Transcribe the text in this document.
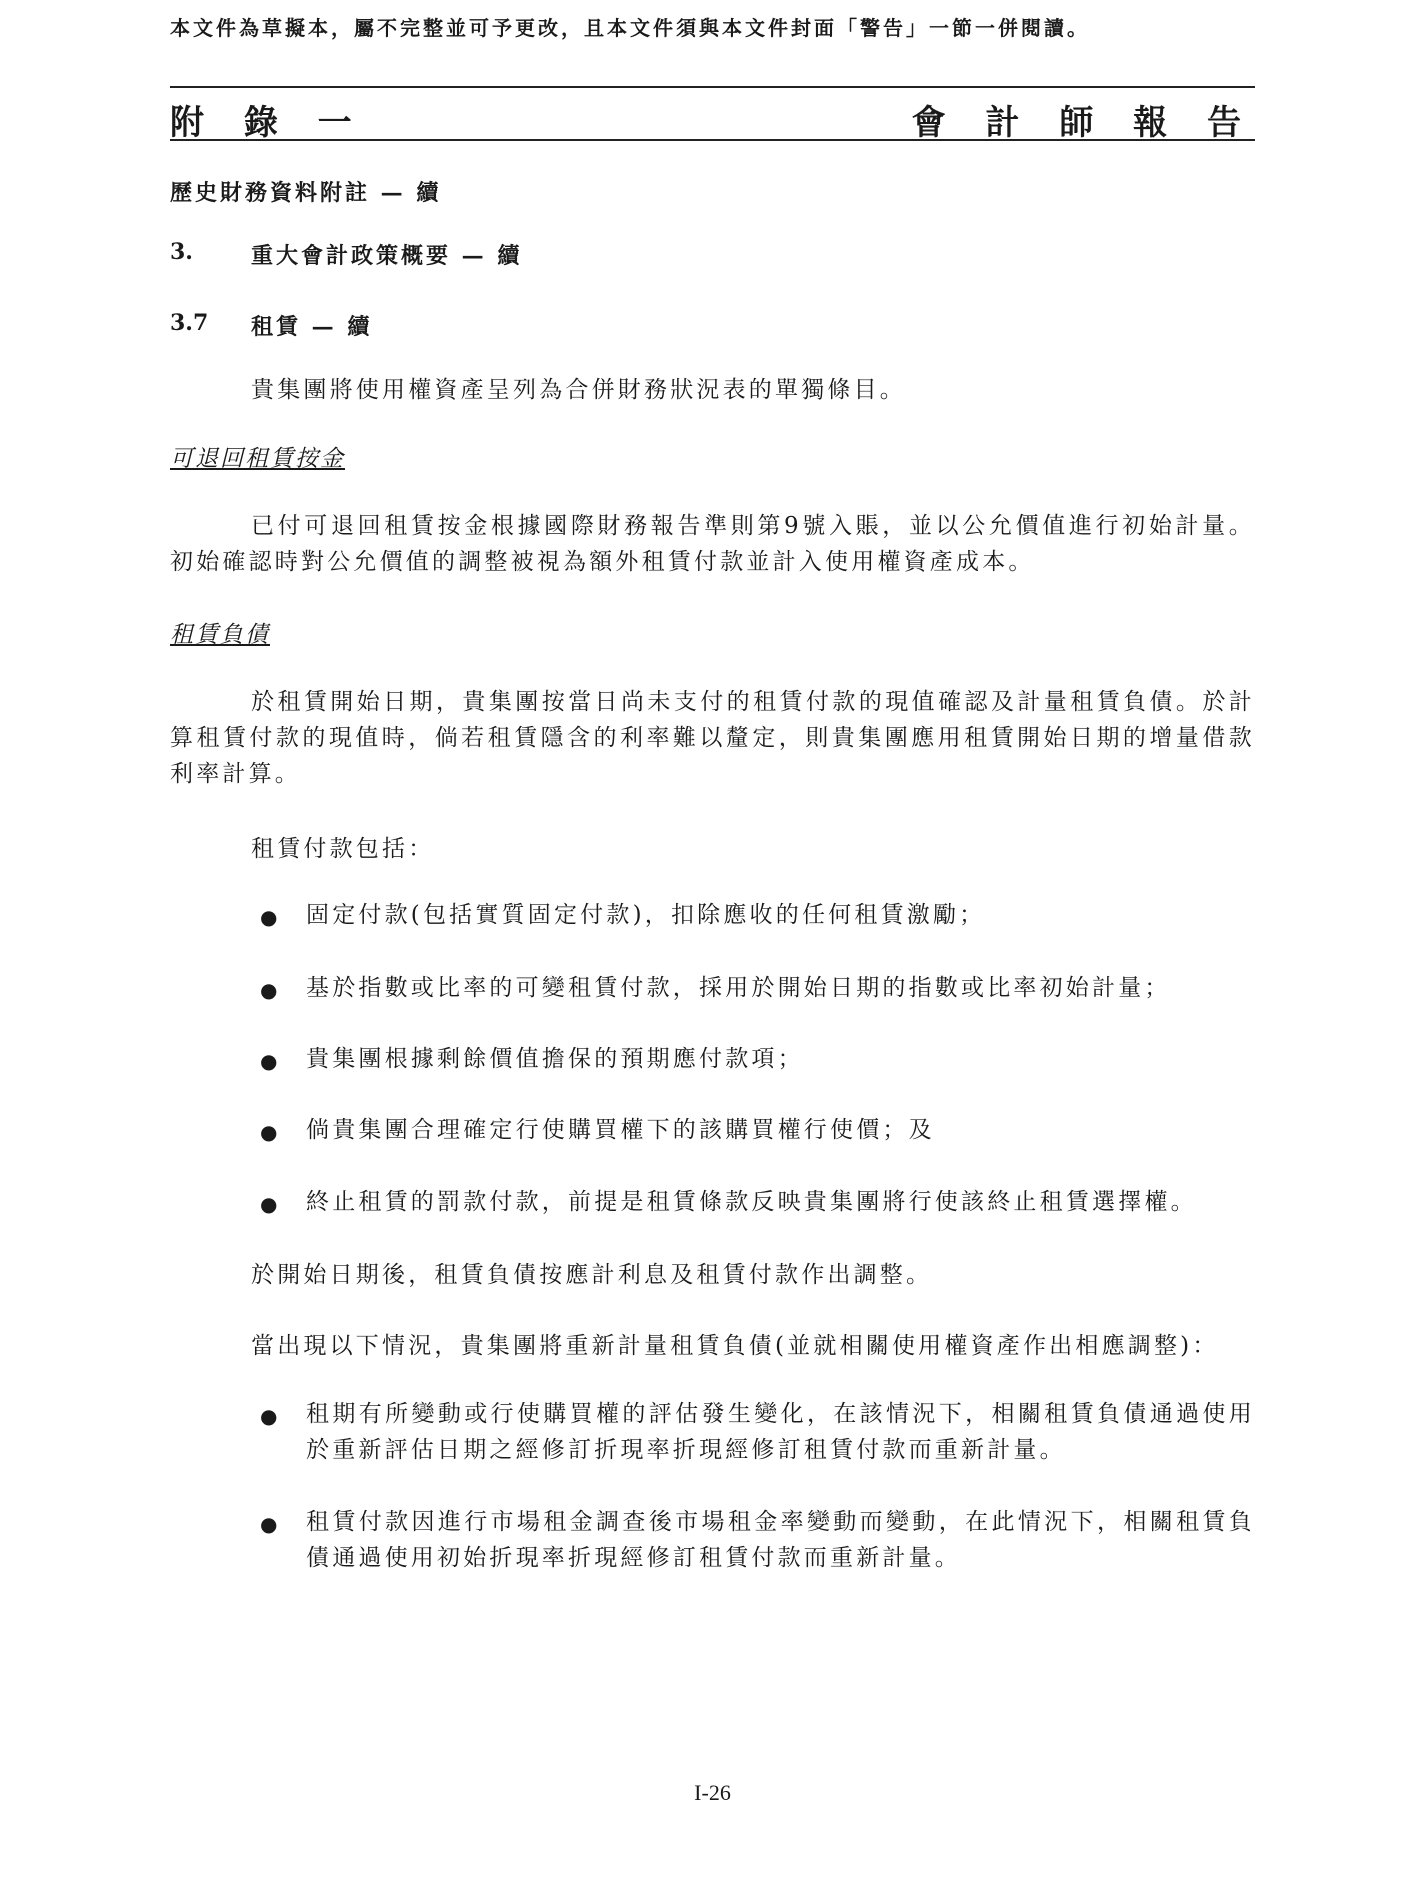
本文件為草擬本，屬不完整並可予更改，且本文件須與本文件封面「警告」一節一併閱讀。
附 錄 一	會 計 師 報 告
歷史財務資料附註 — 續
3.	重大會計政策概要 — 續
3.7 租賃 — 續
貴集團將使用權資產呈列為合併財務狀況表的單獨條目。
可退回租賃按金

已付可退回租賃按金根據國際財務報告準則第9號入賬，並以公允價值進行初始計量。初始確認時對公允價值的調整被視為額外租賃付款並計入使用權資產成本。

租賃負債

於租賃開始日期，貴集團按當日尚未支付的租賃付款的現值確認及計量租賃負債。於計算租賃付款的現值時，倘若租賃隱含的利率難以釐定，則貴集團應用租賃開始日期的增量借款利率計算。

租賃付款包括：
● 固定付款(包括實質固定付款)，扣除應收的任何租賃激勵；

● 基於指數或比率的可變租賃付款，採用於開始日期的指數或比率初始計量；

● 貴集團根據剩餘價值擔保的預期應付款項；

● 倘貴集團合理確定行使購買權下的該購買權行使價；及

● 終止租賃的罰款付款，前提是租賃條款反映貴集團將行使該終止租賃選擇權。

於開始日期後，租賃負債按應計利息及租賃付款作出調整。
當出現以下情況，貴集團將重新計量租賃負債(並就相關使用權資產作出相應調整)：
● 租期有所變動或行使購買權的評估發生變化，在該情況下，相關租賃負債通過使用於重新評估日期之經修訂折現率折現經修訂租賃付款而重新計量。

● 租賃付款因進行市場租金調查後市場租金率變動而變動，在此情況下，相關租賃負債通過使用初始折現率折現經修訂租賃付款而重新計量。

I-26
